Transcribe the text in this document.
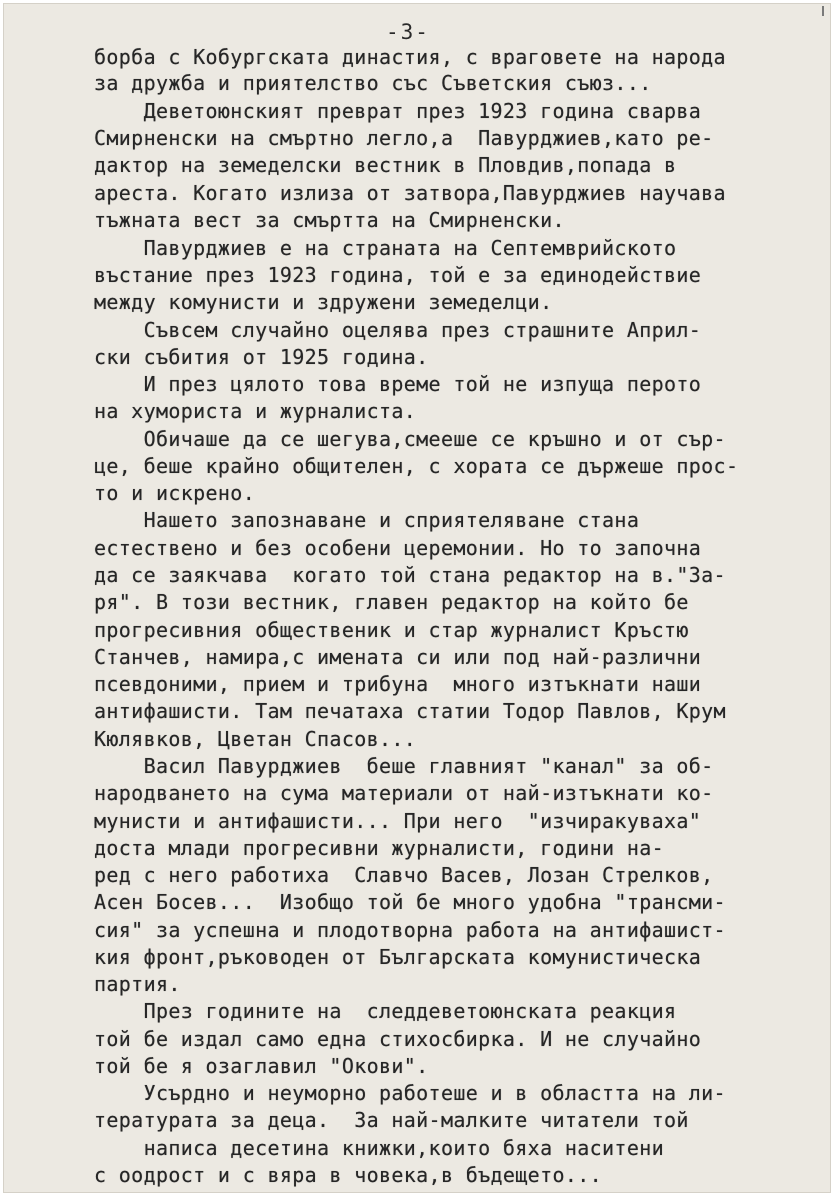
-3-
борба с Кобургската династия, с враговете на народа
за дружба и приятелство със Съветския съюз...
Деветоюнският преврат през 1923 година сварва
Смирненски на смъртно легло,а  Павурджиев,като ре-
дактор на земеделски вестник в Пловдив,попада в
ареста. Когато излиза от затвора,Павурджиев научава
тъжната вест за смъртта на Смирненски.
Павурджиев е на страната на Септемврийското
въстание през 1923 година, той е за единодействие
между комунисти и здружени земеделци.
Съвсем случайно оцелява през страшните Април-
ски събития от 1925 година.
И през цялото това време той не изпуща перото
на хумориста и журналиста.
Обичаше да се шегува,смееше се кръшно и от сър-
це, беше крайно общителен, с хората се държеше прос-
то и искрено.
Нашето запознаване и сприятеляване стана
естествено и без особени церемонии. Но то започна
да се заякчава  когато той стана редактор на в."За-
ря". В този вестник, главен редактор на който бе
прогресивния общественик и стар журналист Кръстю
Станчев, намира,с имената си или под най-различни
псевдоними, прием и трибуна  много изтъкнати наши
антифашисти. Там печатаха статии Тодор Павлов, Крум
Кюлявков, Цветан Спасов...
Васил Павурджиев  беше главният "канал" за об-
народването на сума материали от най-изтъкнати ко-
мунисти и антифашисти... При него  "изчиракуваха"
доста млади прогресивни журналисти, години на-
ред с него работиха  Славчо Васев, Лозан Стрелков,
Асен Босев...  Изобщо той бе много удобна "трансми-
сия" за успешна и плодотворна работа на антифашист-
кия фронт,ръководен от Българската комунистическа
партия.
През годините на  следдеветоюнската реакция
той бе издал само една стихосбирка. И не случайно
той бе я озаглавил "Окови".
Усърдно и неуморно работеше и в областта на ли-
тературата за деца.  За най-малките читатели той
написа десетина книжки,които бяха наситени
с оодрост и с вяра в човека,в бъдещето...
